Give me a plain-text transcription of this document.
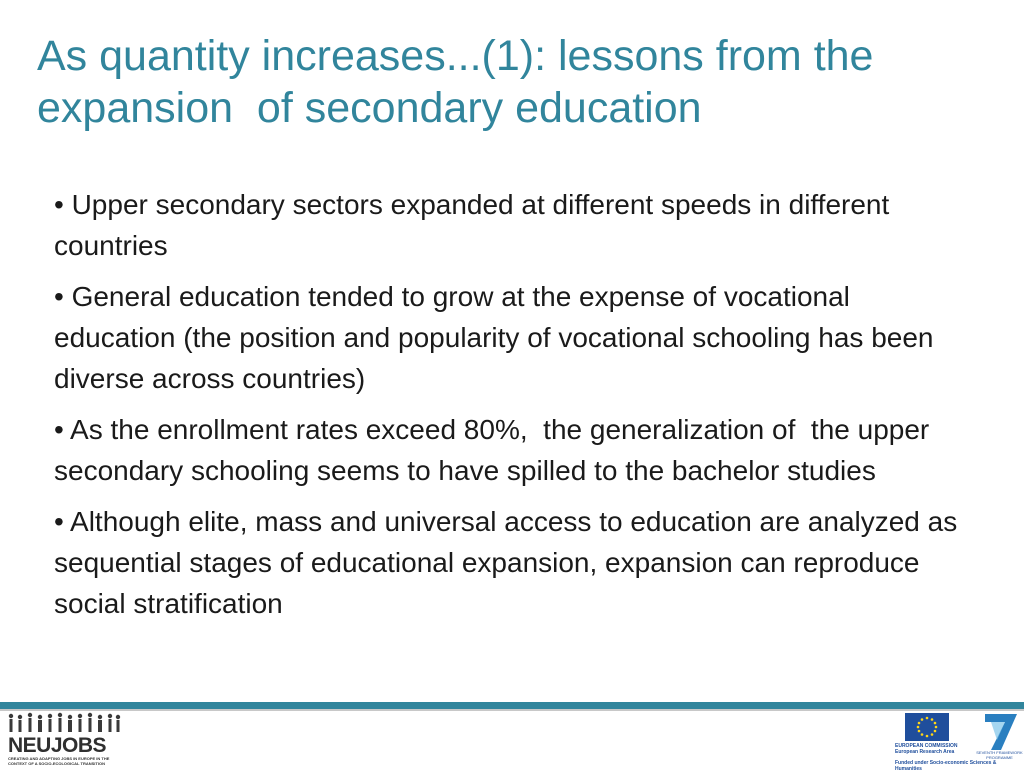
As quantity increases...(1): lessons from the expansion  of secondary education
• Upper secondary sectors expanded at different speeds in different countries
• General education tended to grow at the expense of vocational education (the position and popularity of vocational schooling has been diverse across countries)
• As the enrollment rates exceed 80%,  the generalization of  the upper secondary schooling seems to have spilled to the bachelor studies
• Although elite, mass and universal access to education are analyzed as sequential stages of educational expansion, expansion can reproduce social stratification
NEUJOBS
CREATING AND ADAPTING JOBS IN EUROPE IN THE CONTEXT OF A SOCIO-ECOLOGICAL TRANSITION
EUROPEAN COMMISSION
European Research Area	SEVENTH FRAMEWORK PROGRAMME
Funded under Socio-economic Sciences & Humanities
